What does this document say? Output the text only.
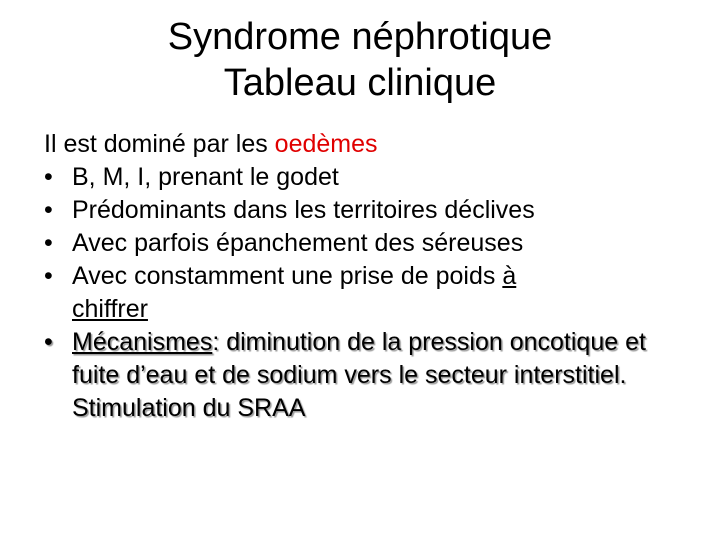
Syndrome néphrotique
Tableau clinique

Il est dominé par les oedèmes

• B, M, I, prenant le godet
• Prédominants dans les territoires déclives
• Avec parfois épanchement des séreuses
• Avec constamment une prise de poids à
chiffrer
• Mécanismes: diminution de la pression oncotique et fuite d’eau et de sodium vers le secteur interstitiel. Stimulation du SRAA
